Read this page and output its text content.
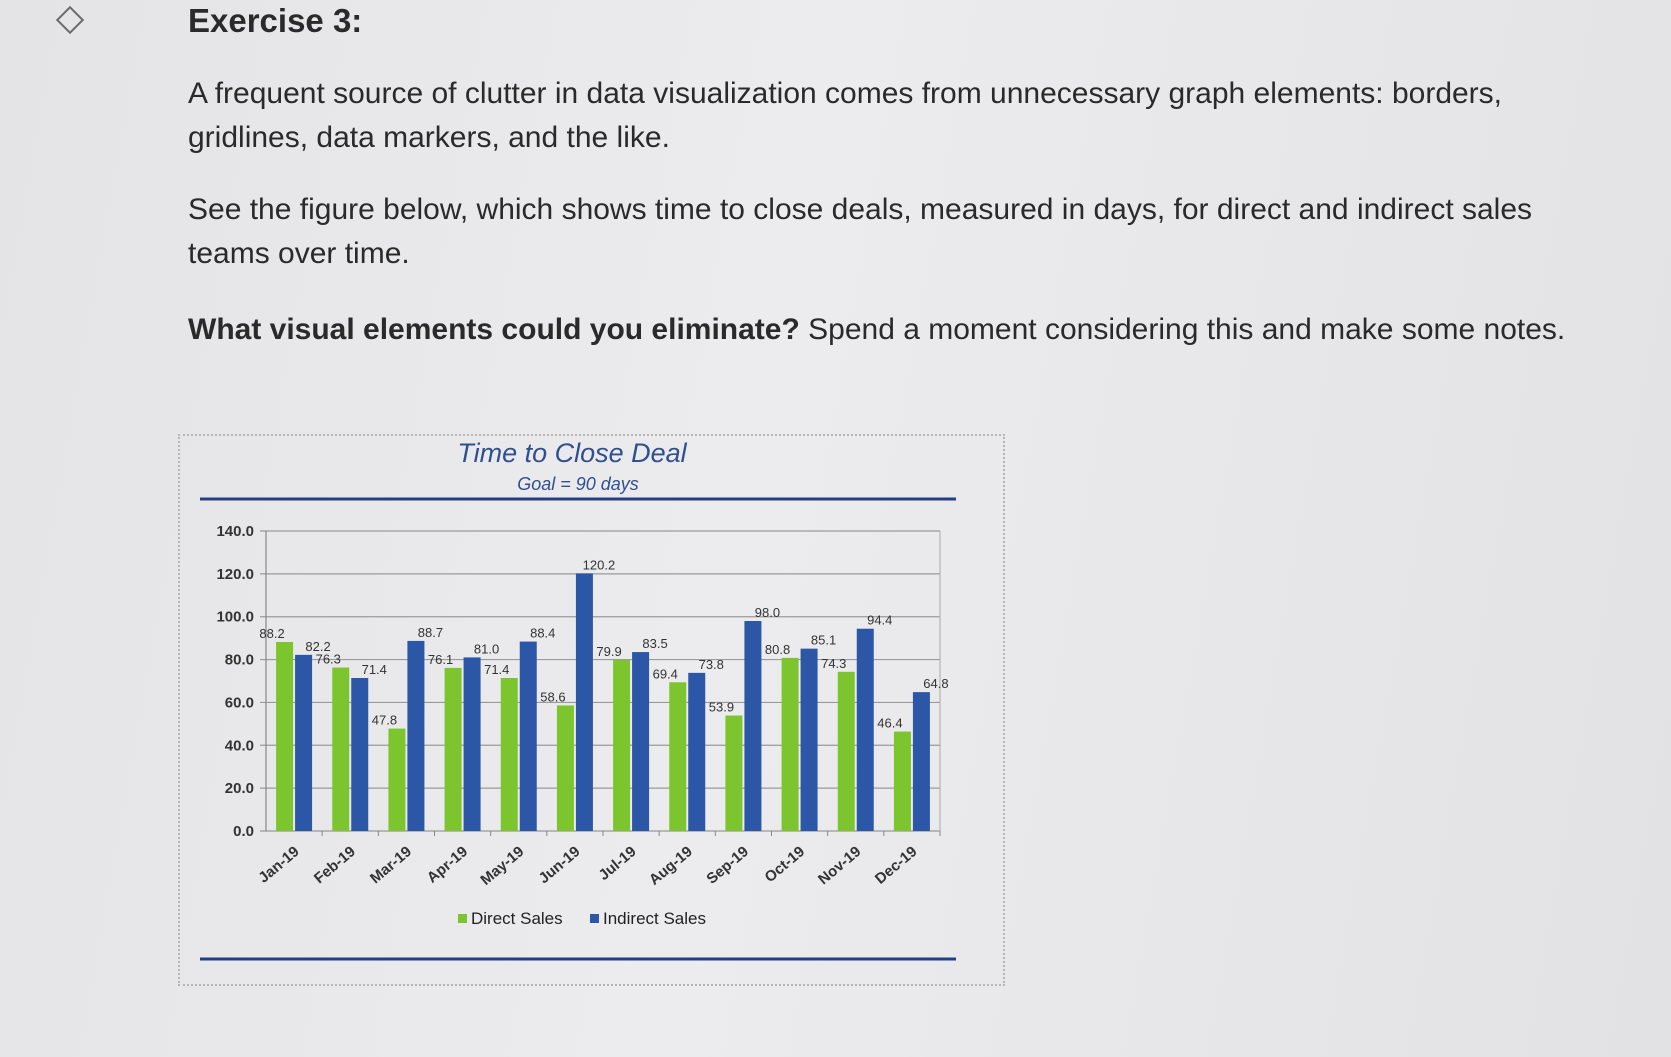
Exercise 3:

A frequent source of clutter in data visualization comes from unnecessary graph elements: borders, gridlines, data markers, and the like.

See the figure below, which shows time to close deals, measured in days, for direct and indirect sales teams over time.

What visual elements could you eliminate? Spend a moment considering this and make some notes.

Time to Close Deal
Goal = 90 days
0.0
20.0
40.0
60.0
80.0
100.0
120.0
140.0
88.2
82.2
Jan-19
76.3
71.4
Feb-19
47.8
88.7
Mar-19
76.1
81.0
Apr-19
71.4
88.4
May-19
58.6
120.2
Jun-19
79.9
83.5
Jul-19
69.4
73.8
Aug-19
53.9
98.0
Sep-19
80.8
85.1
Oct-19
74.3
94.4
Nov-19
46.4
64.8
Dec-19
Direct Sales Indirect Sales
